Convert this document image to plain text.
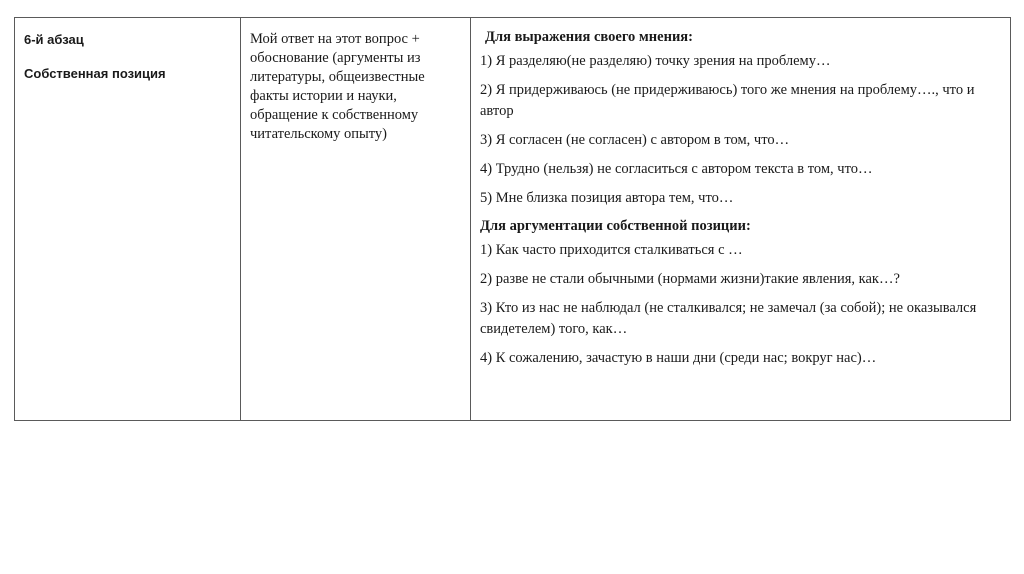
6-й абзац
Собственная позиция
Мой ответ на этот вопрос + обоснование (аргументы из литературы, общеизвестные факты истории и науки, обращение к собственному читательскому опыту)
Для выражения своего мнения:
1) Я разделяю(не разделяю) точку зрения на проблему…
2) Я придерживаюсь (не придерживаюсь) того же мнения на проблему…., что и автор
3) Я согласен (не согласен) с автором в том, что…
4) Трудно (нельзя) не согласиться с автором текста в том, что…
5) Мне близка позиция автора тем, что…
Для аргументации собственной позиции:
1) Как часто приходится сталкиваться с …
2) разве не стали обычными (нормами жизни)такие явления, как…?
3) Кто из нас не наблюдал (не сталкивался; не замечал (за собой); не оказывался свидетелем) того, как…
4) К сожалению, зачастую в наши дни (среди нас; вокруг нас)…
